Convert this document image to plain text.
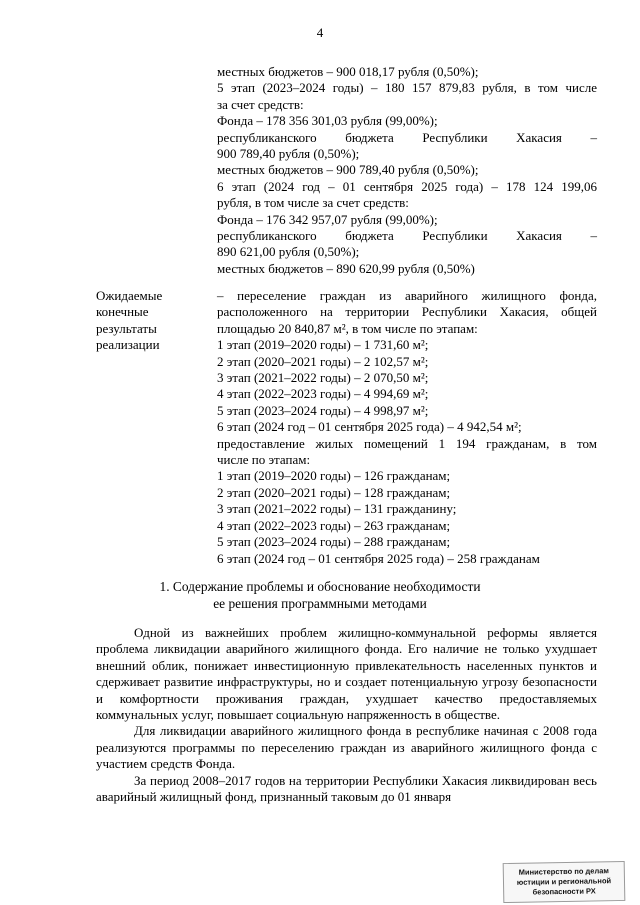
4
местных бюджетов – 900 018,17 рубля (0,50%);
5 этап (2023–2024 годы) – 180 157 879,83 рубля, в том числе
за счет средств:
Фонда – 178 356 301,03 рубля (99,00%);
республиканского бюджета Республики Хакасия –
900 789,40 рубля (0,50%);
местных бюджетов – 900 789,40 рубля (0,50%);
6 этап (2024 год – 01 сентября 2025 года) – 178 124 199,06
рубля, в том числе за счет средств:
Фонда – 176 342 957,07 рубля (99,00%);
республиканского бюджета Республики Хакасия –
890 621,00 рубля (0,50%);
местных бюджетов – 890 620,99 рубля (0,50%)
Ожидаемые
конечные
результаты
реализации
– переселение граждан из аварийного жилищного фонда,
расположенного на территории Республики Хакасия, общей
площадью 20 840,87 м², в том числе по этапам:
1 этап (2019–2020 годы) – 1 731,60 м²;
2 этап (2020–2021 годы) – 2 102,57 м²;
3 этап (2021–2022 годы) – 2 070,50 м²;
4 этап (2022–2023 годы) – 4 994,69 м²;
5 этап (2023–2024 годы) – 4 998,97 м²;
6 этап (2024 год – 01 сентября 2025 года) – 4 942,54 м²;
предоставление жилых помещений 1 194 гражданам, в том
числе по этапам:
1 этап (2019–2020 годы) – 126 гражданам;
2 этап (2020–2021 годы) – 128 гражданам;
3 этап (2021–2022 годы) – 131 гражданину;
4 этап (2022–2023 годы) – 263 гражданам;
5 этап (2023–2024 годы) – 288 гражданам;
6 этап (2024 год – 01 сентября 2025 года) – 258 гражданам
1. Содержание проблемы и обоснование необходимости
ее решения программными методами

Одной из важнейших проблем жилищно-коммунальной реформы является проблема ликвидации аварийного жилищного фонда. Его наличие не только ухудшает внешний облик, понижает инвестиционную привлекательность населенных пунктов и сдерживает развитие инфраструктуры, но и создает потенциальную угрозу безопасности и комфортности проживания граждан, ухудшает качество предоставляемых коммунальных услуг, повышает социальную напряженность в обществе.

Для ликвидации аварийного жилищного фонда в республике начиная с 2008 года реализуются программы по переселению граждан из аварийного жилищного фонда с участием средств Фонда.

За период 2008–2017 годов на территории Республики Хакасия ликвидирован весь аварийный жилищный фонд, признанный таковым до 01 января

Министерство по делам
юстиции и региональной
безопасности РХ
